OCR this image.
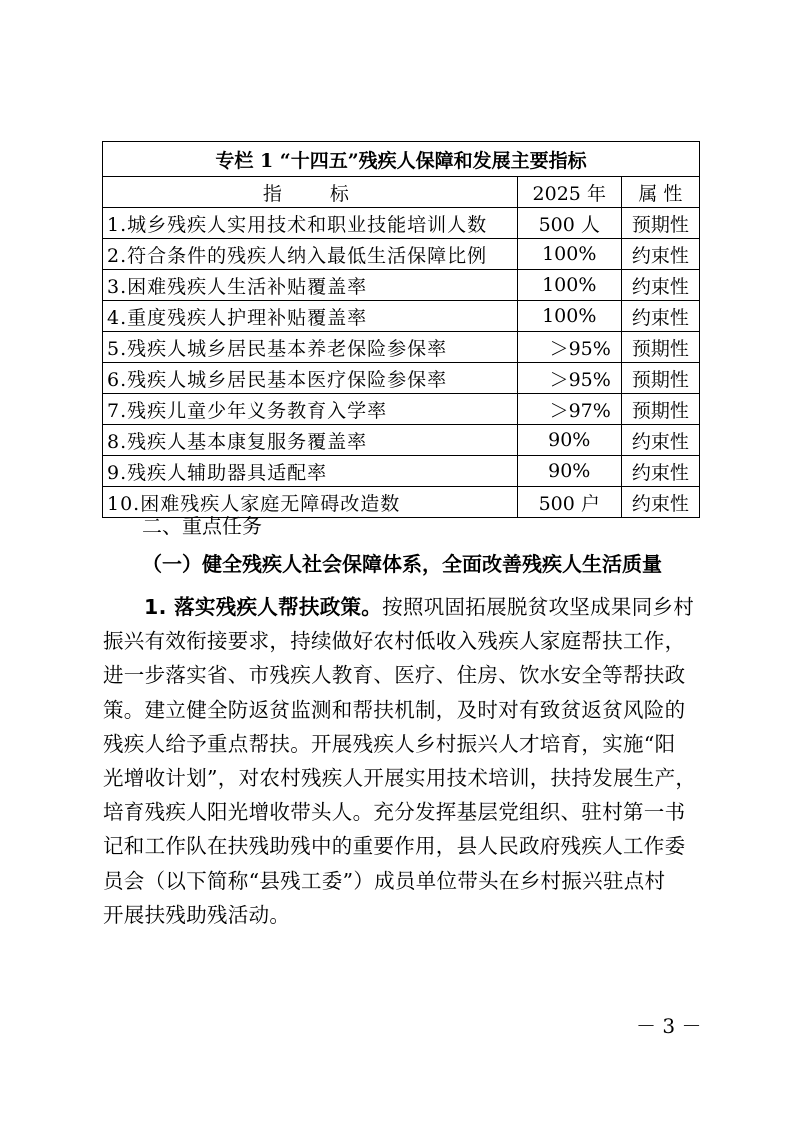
专栏 1 “十四五”残疾人保障和发展主要指标		
指标	2025 年	属 性
1.城乡残疾人实用技术和职业技能培训人数	500 人	预期性
2.符合条件的残疾人纳入最低生活保障比例	100%	约束性
3.困难残疾人生活补贴覆盖率	100%	约束性
4.重度残疾人护理补贴覆盖率	100%	约束性
5.残疾人城乡居民基本养老保险参保率	＞95%	预期性
6.残疾人城乡居民基本医疗保险参保率	＞95%	预期性
7.残疾儿童少年义务教育入学率	＞97%	预期性
8.残疾人基本康复服务覆盖率	90%	约束性
9.残疾人辅助器具适配率	90%	约束性
10.困难残疾人家庭无障碍改造数	500 户	约束性
二、重点任务
（一）健全残疾人社会保障体系，全面改善残疾人生活质量
1. 落实残疾人帮扶政策。按照巩固拓展脱贫攻坚成果同乡村
振兴有效衔接要求，持续做好农村低收入残疾人家庭帮扶工作，
进一步落实省、市残疾人教育、医疗、住房、饮水安全等帮扶政
策。建立健全防返贫监测和帮扶机制，及时对有致贫返贫风险的
残疾人给予重点帮扶。开展残疾人乡村振兴人才培育，实施“阳
光增收计划”，对农村残疾人开展实用技术培训，扶持发展生产，
培育残疾人阳光增收带头人。充分发挥基层党组织、驻村第一书
记和工作队在扶残助残中的重要作用，县人民政府残疾人工作委
员会（以下简称“县残工委”）成员单位带头在乡村振兴驻点村
开展扶残助残活动。
－ 3 －
